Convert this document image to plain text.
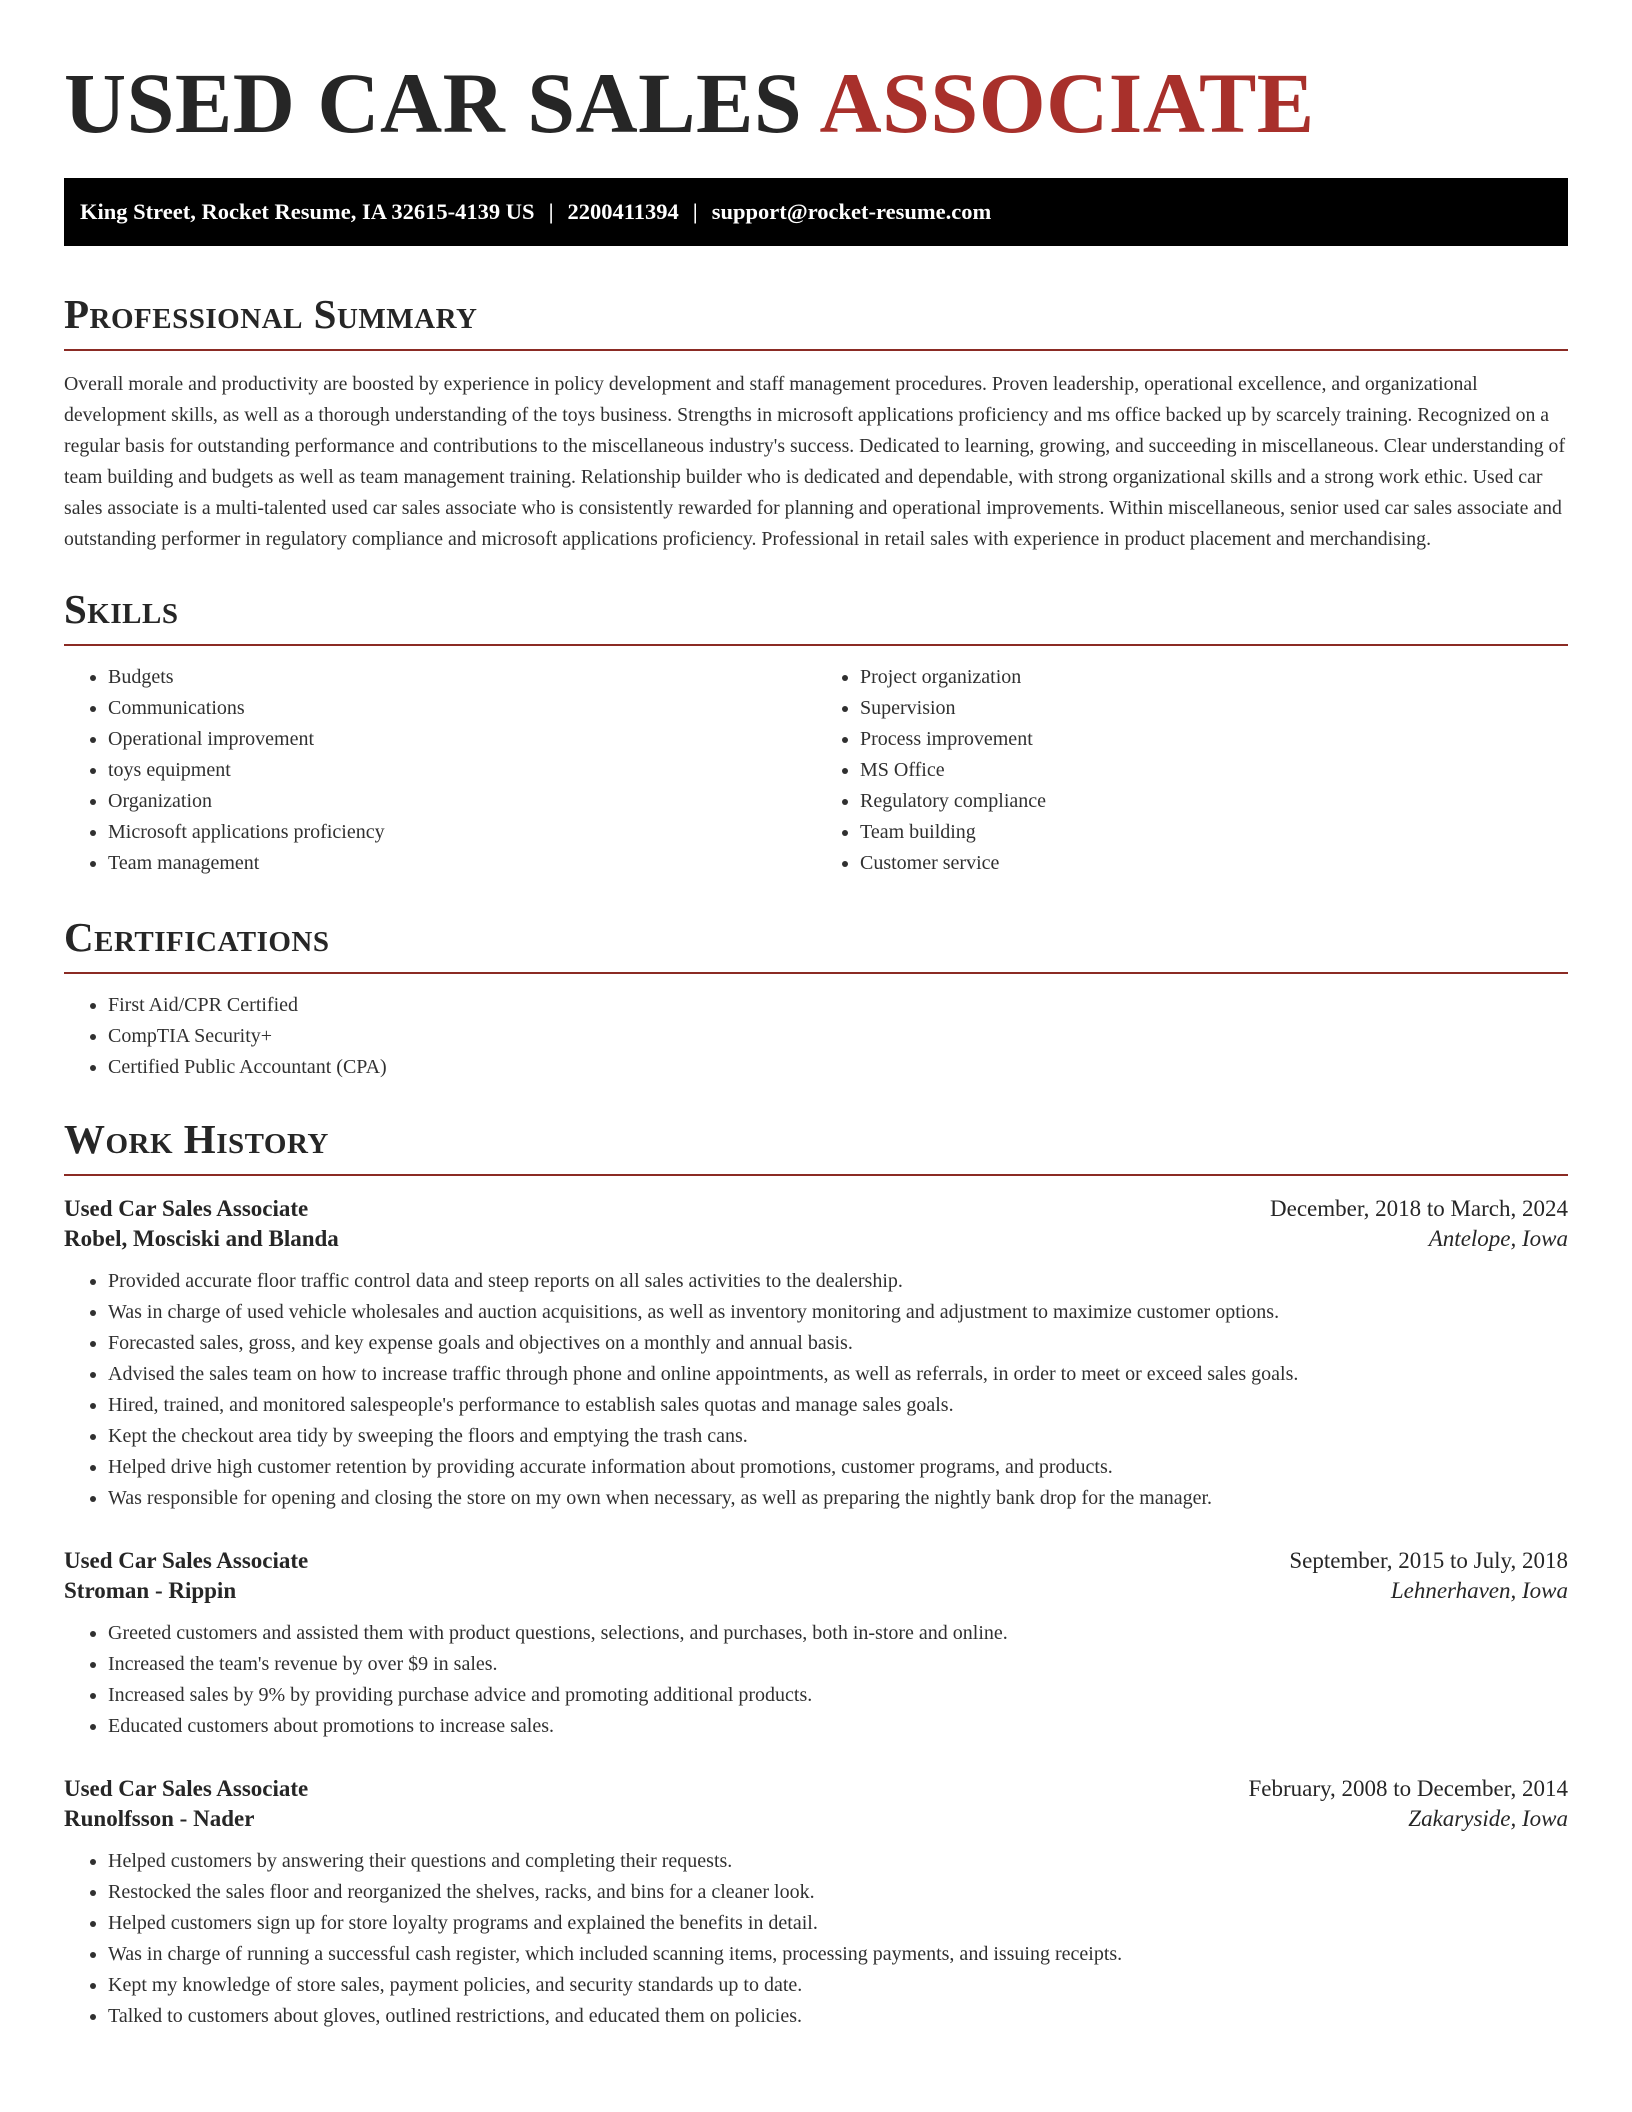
USED CAR SALES ASSOCIATE
King Street, Rocket Resume, IA 32615-4139 US | 2200411394 | support@rocket-resume.com
Professional Summary

Overall morale and productivity are boosted by experience in policy development and staff management procedures. Proven leadership, operational excellence, and organizational development skills, as well as a thorough understanding of the toys business. Strengths in microsoft applications proficiency and ms office backed up by scarcely training. Recognized on a regular basis for outstanding performance and contributions to the miscellaneous industry's success. Dedicated to learning, growing, and succeeding in miscellaneous. Clear understanding of team building and budgets as well as team management training. Relationship builder who is dedicated and dependable, with strong organizational skills and a strong work ethic. Used car sales associate is a multi-talented used car sales associate who is consistently rewarded for planning and operational improvements. Within miscellaneous, senior used car sales associate and outstanding performer in regulatory compliance and microsoft applications proficiency. Professional in retail sales with experience in product placement and merchandising.

Skills
• Budgets
• Communications
• Operational improvement
• toys equipment
• Organization
• Microsoft applications proficiency
• Team management
• Project organization
• Supervision
• Process improvement
• MS Office
• Regulatory compliance
• Team building
• Customer service
Certifications
• First Aid/CPR Certified
• CompTIA Security+
• Certified Public Accountant (CPA)
Work History
Used Car Sales Associate	December, 2018 to March, 2024
Robel, Mosciski and Blanda	Antelope, Iowa
• Provided accurate floor traffic control data and steep reports on all sales activities to the dealership.
• Was in charge of used vehicle wholesales and auction acquisitions, as well as inventory monitoring and adjustment to maximize customer options.
• Forecasted sales, gross, and key expense goals and objectives on a monthly and annual basis.
• Advised the sales team on how to increase traffic through phone and online appointments, as well as referrals, in order to meet or exceed sales goals.
• Hired, trained, and monitored salespeople's performance to establish sales quotas and manage sales goals.
• Kept the checkout area tidy by sweeping the floors and emptying the trash cans.
• Helped drive high customer retention by providing accurate information about promotions, customer programs, and products.
• Was responsible for opening and closing the store on my own when necessary, as well as preparing the nightly bank drop for the manager.
Used Car Sales Associate	September, 2015 to July, 2018
Stroman - Rippin	Lehnerhaven, Iowa
• Greeted customers and assisted them with product questions, selections, and purchases, both in-store and online.
• Increased the team's revenue by over $9 in sales.
• Increased sales by 9% by providing purchase advice and promoting additional products.
• Educated customers about promotions to increase sales.
Used Car Sales Associate	February, 2008 to December, 2014
Runolfsson - Nader	Zakaryside, Iowa
• Helped customers by answering their questions and completing their requests.
• Restocked the sales floor and reorganized the shelves, racks, and bins for a cleaner look.
• Helped customers sign up for store loyalty programs and explained the benefits in detail.
• Was in charge of running a successful cash register, which included scanning items, processing payments, and issuing receipts.
• Kept my knowledge of store sales, payment policies, and security standards up to date.
• Talked to customers about gloves, outlined restrictions, and educated them on policies.
